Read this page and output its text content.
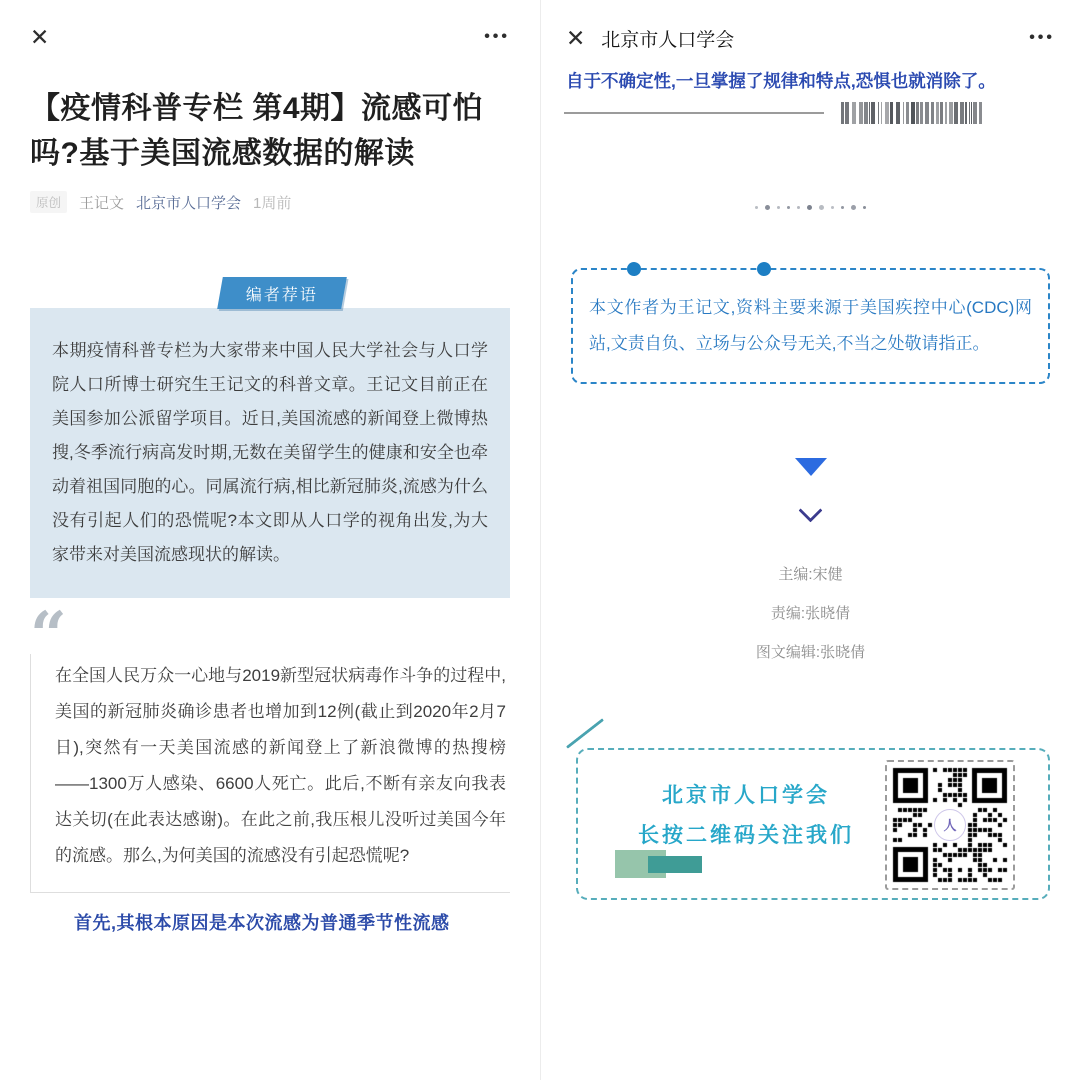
✕	•••
【疫情科普专栏 第4期】流感可怕吗?基于美国流感数据的解读
原创	王记文 北京市人口学会 1周前
编者荐语
本期疫情科普专栏为大家带来中国人民大学社会与人口学院人口所博士研究生王记文的科普文章。王记文目前正在美国参加公派留学项目。近日,美国流感的新闻登上微博热搜,冬季流行病高发时期,无数在美留学生的健康和安全也牵动着祖国同胞的心。同属流行病,相比新冠肺炎,流感为什么没有引起人们的恐慌呢?本文即从人口学的视角出发,为大家带来对美国流感现状的解读。
“
在全国人民万众一心地与2019新型冠状病毒作斗争的过程中,美国的新冠肺炎确诊患者也增加到12例(截止到2020年2月7日),突然有一天美国流感的新闻登上了新浪微博的热搜榜——1300万人感染、6600人死亡。此后,不断有亲友向我表达关切(在此表达感谢)。在此之前,我压根儿没听过美国今年的流感。那么,为何美国的流感没有引起恐慌呢?
首先,其根本原因是本次流感为普通季节性流感
✕ 北京市人口学会	•••
自于不确定性,一旦掌握了规律和特点,恐惧也就消除了。
本文作者为王记文,资料主要来源于美国疾控中心(CDC)网站,文责自负、立场与公众号无关,不当之处敬请指正。
主编:宋健
责编:张晓倩
图文编辑:张晓倩
北京市人口学会
长按二维码关注我们	人
